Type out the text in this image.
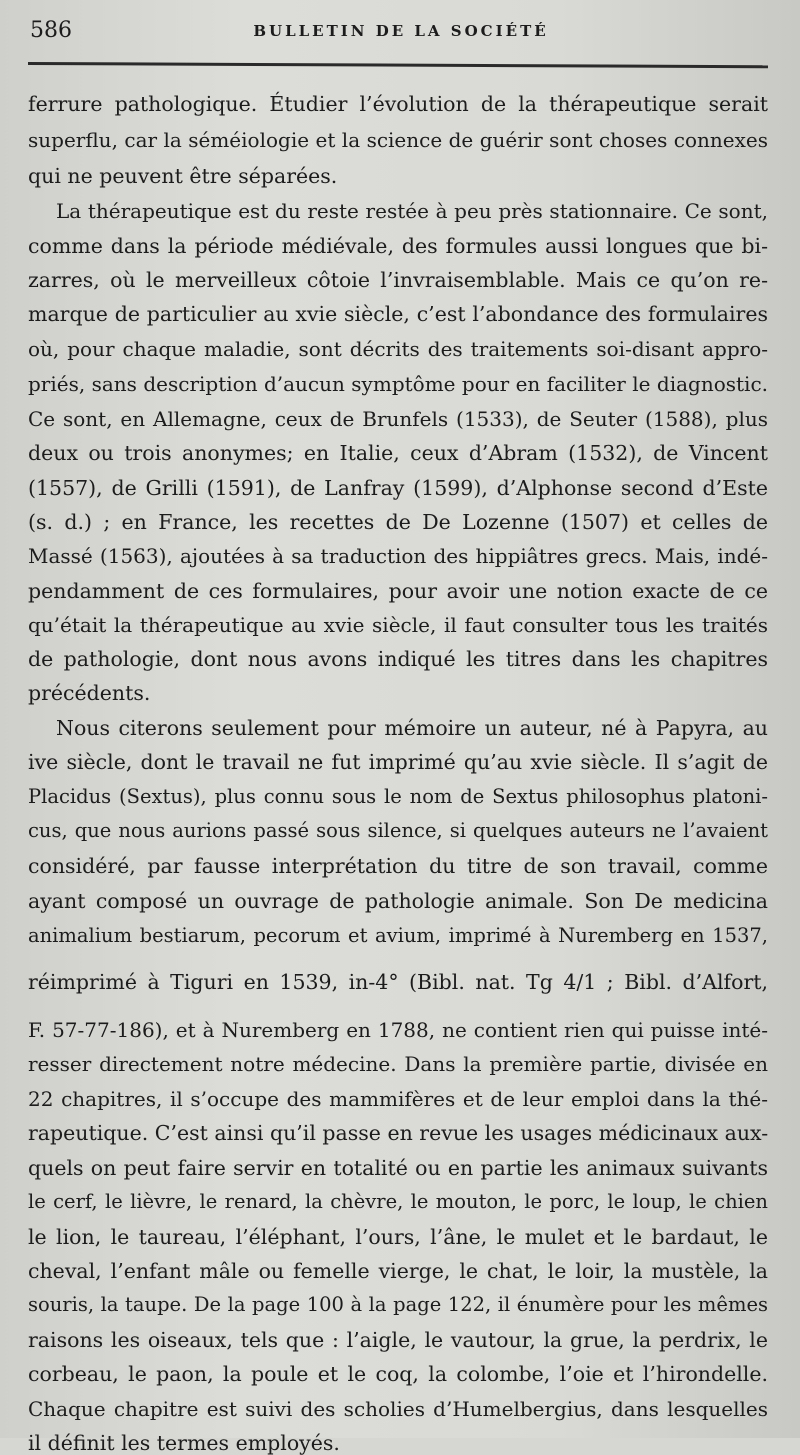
586	BULLETIN DE LA SOCIÉTÉ
ferrure pathologique. Étudier l’évolution de la thérapeutique serait
superflu, car la séméiologie et la science de guérir sont choses connexes
qui ne peuvent être séparées.
La thérapeutique est du reste restée à peu près stationnaire. Ce sont,
comme dans la période médiévale, des formules aussi longues que bi-
zarres, où le merveilleux côtoie l’invraisemblable. Mais ce qu’on re-
marque de particulier au xvie siècle, c’est l’abondance des formulaires
où, pour chaque maladie, sont décrits des traitements soi-disant appro-
priés, sans description d’aucun symptôme pour en faciliter le diagnostic.
Ce sont, en Allemagne, ceux de Brunfels (1533), de Seuter (1588), plus
deux ou trois anonymes; en Italie, ceux d’Abram (1532), de Vincent
(1557), de Grilli (1591), de Lanfray (1599), d’Alphonse second d’Este
(s. d.) ; en France, les recettes de De Lozenne (1507) et celles de
Massé (1563), ajoutées à sa traduction des hippiâtres grecs. Mais, indé-
pendamment de ces formulaires, pour avoir une notion exacte de ce
qu’était la thérapeutique au xvie siècle, il faut consulter tous les traités
de pathologie, dont nous avons indiqué les titres dans les chapitres
précédents.
Nous citerons seulement pour mémoire un auteur, né à Papyra, au
ive siècle, dont le travail ne fut imprimé qu’au xvie siècle. Il s’agit de
Placidus (Sextus), plus connu sous le nom de Sextus philosophus platoni-
cus, que nous aurions passé sous silence, si quelques auteurs ne l’avaient
considéré, par fausse interprétation du titre de son travail, comme
ayant composé un ouvrage de pathologie animale. Son De medicina
animalium bestiarum, pecorum et avium, imprimé à Nuremberg en 1537,
réimprimé à Tiguri en 1539, in-4° (Bibl. nat. Tg 4/1 ; Bibl. d’Alfort,
F. 57-77-186), et à Nuremberg en 1788, ne contient rien qui puisse inté-
resser directement notre médecine. Dans la première partie, divisée en
22 chapitres, il s’occupe des mammifères et de leur emploi dans la thé-
rapeutique. C’est ainsi qu’il passe en revue les usages médicinaux aux-
quels on peut faire servir en totalité ou en partie les animaux suivants
le cerf, le lièvre, le renard, la chèvre, le mouton, le porc, le loup, le chien
le lion, le taureau, l’éléphant, l’ours, l’âne, le mulet et le bardaut, le
cheval, l’enfant mâle ou femelle vierge, le chat, le loir, la mustèle, la
souris, la taupe. De la page 100 à la page 122, il énumère pour les mêmes
raisons les oiseaux, tels que : l’aigle, le vautour, la grue, la perdrix, le
corbeau, le paon, la poule et le coq, la colombe, l’oie et l’hirondelle.
Chaque chapitre est suivi des scholies d’Humelbergius, dans lesquelles
il définit les termes employés.
